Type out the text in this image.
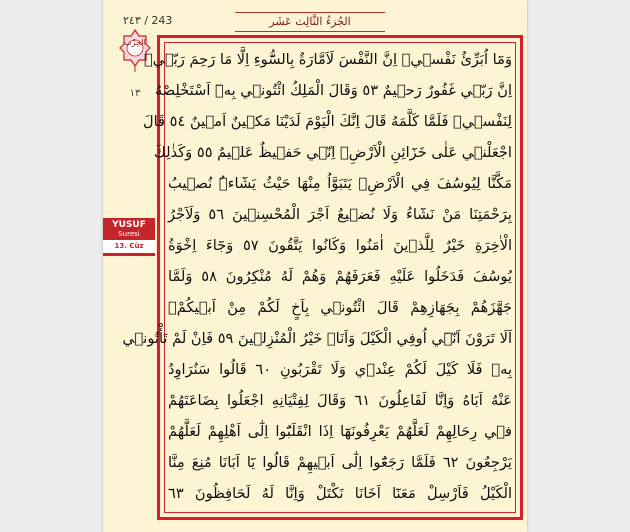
٢٤٣ / 243	الجُزءُ الثَّالِث عَشَر
الحِزْب
١٣
YUSUF
Suresi
13. Cüz
وَمَٓا اُبَرِّئُ نَفْس۪يۚ اِنَّ النَّفْسَ لَاَمَّارَةٌ بِالسُّٓوءِ اِلَّا مَا رَحِمَ رَبّ۪يۜ
اِنَّ رَبّ۪ي غَفُورٌ رَح۪يمٌ ٥٣ وَقَالَ الْمَلِكُ ائْتُون۪ي بِه۪ٓ اَسْتَخْلِصْهُ
لِنَفْس۪يۚ فَلَمَّا كَلَّمَهُ قَالَ اِنَّكَ الْيَوْمَ لَدَيْنَا مَك۪ينٌ اَم۪ينٌ ٥٤ قَالَ
اجْعَلْن۪ي عَلٰى خَزَٓائِنِ الْاَرْضِۚ اِنّ۪ي حَف۪يظٌ عَل۪يمٌ ٥٥ وَكَذٰلِكَ
مَكَّنَّا لِيُوسُفَ فِي الْاَرْضِۚ يَتَبَوَّاُ مِنْهَا حَيْثُ يَشَٓاءُۜ نُص۪يبُ
بِرَحْمَتِنَا مَنْ نَشَٓاءُ وَلَا نُض۪يعُ اَجْرَ الْمُحْسِن۪ينَ ٥٦ وَلَاَجْرُ
الْاٰخِرَةِ خَيْرٌ لِلَّذ۪ينَ اٰمَنُوا وَكَانُوا يَتَّقُونَ ٥٧ وَجَٓاءَ اِخْوَةُ
يُوسُفَ فَدَخَلُوا عَلَيْهِ فَعَرَفَهُمْ وَهُمْ لَهُ مُنْكِرُونَ ٥٨ وَلَمَّا
جَهَّزَهُمْ بِجَهَازِهِمْ قَالَ ائْتُون۪ي بِاَخٍ لَكُمْ مِنْ اَب۪يكُمْۚ
اَلَا تَرَوْنَ اَنّ۪ٓي اُوفِي الْكَيْلَ وَاَنَا۬ خَيْرُ الْمُنْزِل۪ينَ ٥٩ فَاِنْ لَمْ تَأْتُون۪ي
بِه۪ فَلَا كَيْلَ لَكُمْ عِنْد۪ي وَلَا تَقْرَبُونِ ٦٠ قَالُوا سَنُرَاوِدُ
عَنْهُ اَبَاهُ وَاِنَّا لَفَاعِلُونَ ٦١ وَقَالَ لِفِتْيَانِهِ اجْعَلُوا بِضَاعَتَهُمْ
ف۪ي رِحَالِهِمْ لَعَلَّهُمْ يَعْرِفُونَهَٓا اِذَا انْقَلَبُٓوا اِلٰٓى اَهْلِهِمْ لَعَلَّهُمْ
يَرْجِعُونَ ٦٢ فَلَمَّا رَجَعُٓوا اِلٰٓى اَب۪يهِمْ قَالُوا يَٓا اَبَانَا مُنِعَ مِنَّا
الْكَيْلُ فَاَرْسِلْ مَعَنَٓا اَخَانَا نَكْتَلْ وَاِنَّا لَهُ لَحَافِظُونَ ٦٣
